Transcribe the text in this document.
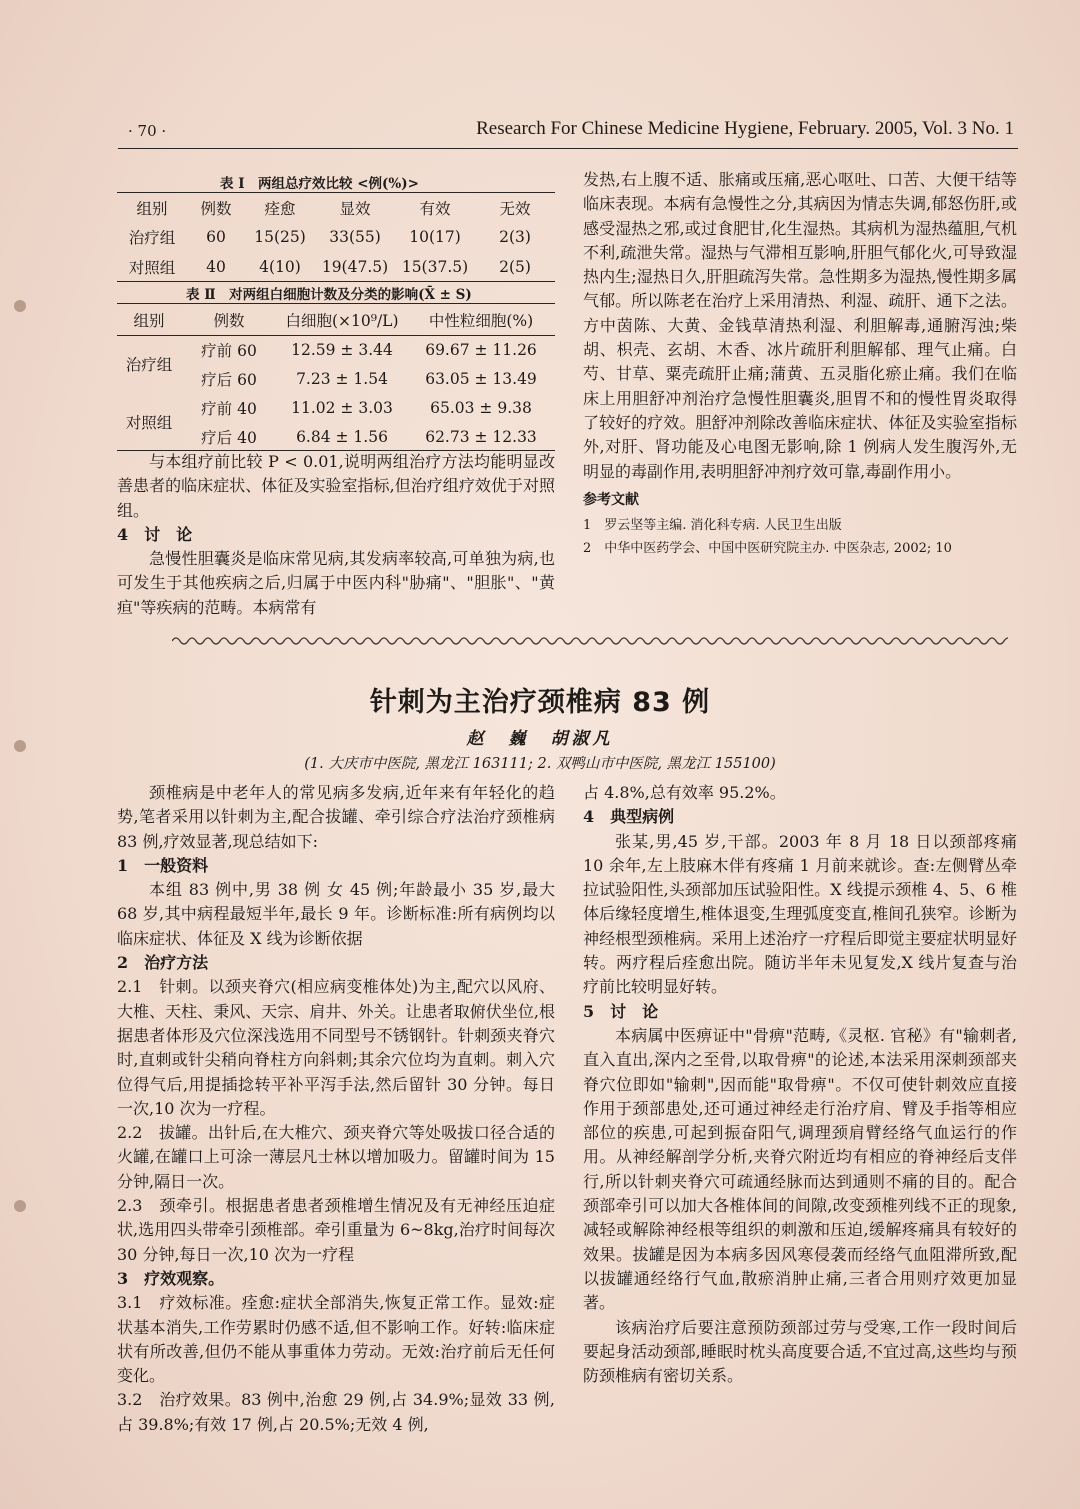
· 70 ·	Research For Chinese Medicine Hygiene, February. 2005, Vol. 3 No. 1
表 Ⅰ　两组总疗效比较 <例(%)>
组别	例数	痊愈	显效	有效	无效
治疗组	60	15(25)	33(55)	10(17)	2(3)
对照组	40	4(10)	19(47.5)	15(37.5)	2(5)
表 Ⅱ　对两组白细胞计数及分类的影响(X̄ ± S)
组别	例数	白细胞(×10⁹/L)	中性粒细胞(%)
治疗组	疗前 60	12.59 ± 3.44	69.67 ± 11.26
	疗后 60	7.23 ± 1.54	63.05 ± 13.49
对照组	疗前 40	11.02 ± 3.03	65.03 ± 9.38
	疗后 40	6.84 ± 1.56	62.73 ± 12.33

与本组疗前比较 P < 0.01,说明两组治疗方法均能明显改善患者的临床症状、体征及实验室指标,但治疗组疗效优于对照组。

4　讨　论

急慢性胆囊炎是临床常见病,其发病率较高,可单独为病,也可发生于其他疾病之后,归属于中医内科"胁痛"、"胆胀"、"黄疸"等疾病的范畴。本病常有

发热,右上腹不适、胀痛或压痛,恶心呕吐、口苦、大便干结等临床表现。本病有急慢性之分,其病因为情志失调,郁怒伤肝,或感受湿热之邪,或过食肥甘,化生湿热。其病机为湿热蕴胆,气机不利,疏泄失常。湿热与气滞相互影响,肝胆气郁化火,可导致湿热内生;湿热日久,肝胆疏泻失常。急性期多为湿热,慢性期多属气郁。所以陈老在治疗上采用清热、利湿、疏肝、通下之法。方中茵陈、大黄、金钱草清热利湿、利胆解毒,通腑泻浊;柴胡、枳壳、玄胡、木香、冰片疏肝利胆解郁、理气止痛。白芍、甘草、粟壳疏肝止痛;蒲黄、五灵脂化瘀止痛。我们在临床上用胆舒冲剂治疗急慢性胆囊炎,胆胃不和的慢性胃炎取得了较好的疗效。胆舒冲剂除改善临床症状、体征及实验室指标外,对肝、肾功能及心电图无影响,除 1 例病人发生腹泻外,无明显的毒副作用,表明胆舒冲剂疗效可靠,毒副作用小。

参考文献
1　罗云坚等主编. 消化科专病. 人民卫生出版
2　中华中医药学会、中国中医研究院主办. 中医杂志, 2002; 10
针刺为主治疗颈椎病 83 例
赵　巍　胡淑凡
(1. 大庆市中医院, 黑龙江 163111; 2. 双鸭山市中医院, 黑龙江 155100)

颈椎病是中老年人的常见病多发病,近年来有年轻化的趋势,笔者采用以针刺为主,配合拔罐、牵引综合疗法治疗颈椎病 83 例,疗效显著,现总结如下:

1　一般资料

本组 83 例中,男 38 例 女 45 例;年龄最小 35 岁,最大 68 岁,其中病程最短半年,最长 9 年。诊断标准:所有病例均以临床症状、体征及 X 线为诊断依据

2　治疗方法

2.1　针刺。以颈夹脊穴(相应病变椎体处)为主,配穴以风府、大椎、天柱、秉风、天宗、肩井、外关。让患者取俯伏坐位,根据患者体形及穴位深浅选用不同型号不锈钢针。针刺颈夹脊穴时,直刺或针尖稍向脊柱方向斜刺;其余穴位均为直刺。刺入穴位得气后,用提插捻转平补平泻手法,然后留针 30 分钟。每日一次,10 次为一疗程。

2.2　拔罐。出针后,在大椎穴、颈夹脊穴等处吸拔口径合适的火罐,在罐口上可涂一薄层凡士林以增加吸力。留罐时间为 15 分钟,隔日一次。

2.3　颈牵引。根据患者患者颈椎增生情况及有无神经压迫症状,选用四头带牵引颈椎部。牵引重量为 6~8kg,治疗时间每次 30 分钟,每日一次,10 次为一疗程

3　疗效观察。

3.1　疗效标准。痊愈:症状全部消失,恢复正常工作。显效:症状基本消失,工作劳累时仍感不适,但不影响工作。好转:临床症状有所改善,但仍不能从事重体力劳动。无效:治疗前后无任何变化。

3.2　治疗效果。83 例中,治愈 29 例,占 34.9%;显效 33 例,占 39.8%;有效 17 例,占 20.5%;无效 4 例,

占 4.8%,总有效率 95.2%。

4　典型病例

张某,男,45 岁,干部。2003 年 8 月 18 日以颈部疼痛 10 余年,左上肢麻木伴有疼痛 1 月前来就诊。查:左侧臂丛牵拉试验阳性,头颈部加压试验阳性。X 线提示颈椎 4、5、6 椎体后缘轻度增生,椎体退变,生理弧度变直,椎间孔狭窄。诊断为神经根型颈椎病。采用上述治疗一疗程后即觉主要症状明显好转。两疗程后痊愈出院。随访半年未见复发,X 线片复查与治疗前比较明显好转。

5　讨　论

本病属中医痹证中"骨痹"范畴,《灵枢. 官秘》有"输刺者,直入直出,深内之至骨,以取骨痹"的论述,本法采用深刺颈部夹脊穴位即如"输刺",因而能"取骨痹"。不仅可使针刺效应直接作用于颈部患处,还可通过神经走行治疗肩、臂及手指等相应部位的疾患,可起到振奋阳气,调理颈肩臂经络气血运行的作用。从神经解剖学分析,夹脊穴附近均有相应的脊神经后支伴行,所以针刺夹脊穴可疏通经脉而达到通则不痛的目的。配合颈部牵引可以加大各椎体间的间隙,改变颈椎列线不正的现象,减轻或解除神经根等组织的刺激和压迫,缓解疼痛具有较好的效果。拔罐是因为本病多因风寒侵袭而经络气血阻滞所致,配以拔罐通经络行气血,散瘀消肿止痛,三者合用则疗效更加显著。

该病治疗后要注意预防颈部过劳与受寒,工作一段时间后要起身活动颈部,睡眠时枕头高度要合适,不宜过高,这些均与预防颈椎病有密切关系。
